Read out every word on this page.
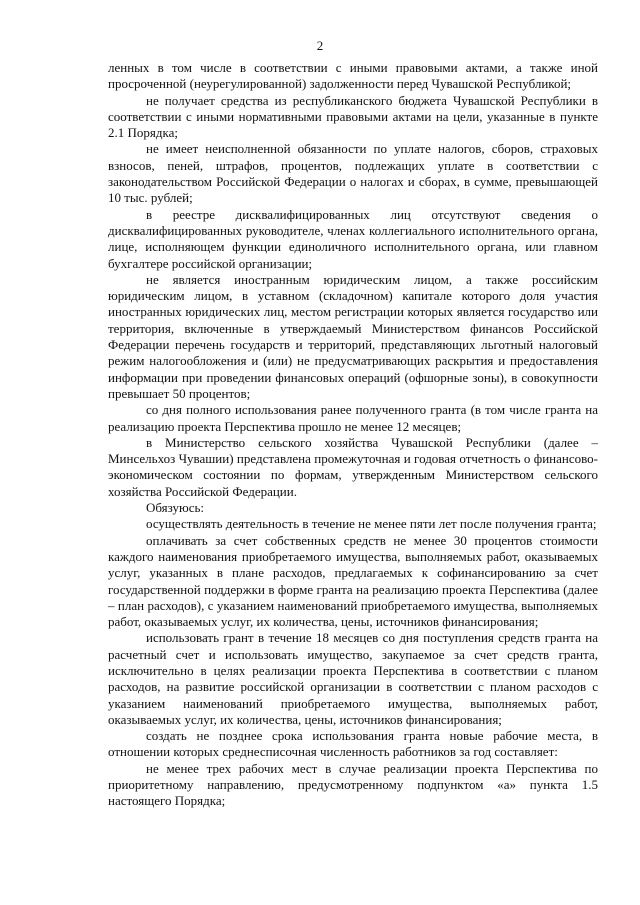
2

ленных в том числе в соответствии с иными правовыми актами, а также иной просроченной (неурегулированной) задолженности перед Чувашской Республикой;

не получает средства из республиканского бюджета Чувашской Республики в соответствии с иными нормативными правовыми актами на цели, указанные в пункте 2.1 Порядка;

не имеет неисполненной обязанности по уплате налогов, сборов, страховых взносов, пеней, штрафов, процентов, подлежащих уплате в соответствии с законодательством Российской Федерации о налогах и сборах, в сумме, превышающей 10 тыс. рублей;

в реестре дисквалифицированных лиц отсутствуют сведения о дисквалифицированных руководителе, членах коллегиального исполнительного органа, лице, исполняющем функции единоличного исполнительного органа, или главном бухгалтере российской организации;

не является иностранным юридическим лицом, а также российским юридическим лицом, в уставном (складочном) капитале которого доля участия иностранных юридических лиц, местом регистрации которых является государство или территория, включенные в утверждаемый Министерством финансов Российской Федерации перечень государств и территорий, представляющих льготный налоговый режим налогообложения и (или) не предусматривающих раскрытия и предоставления информации при проведении финансовых операций (офшорные зоны), в совокупности превышает 50 процентов;

со дня полного использования ранее полученного гранта (в том числе гранта на реализацию проекта Перспектива прошло не менее 12 месяцев;

в Министерство сельского хозяйства Чувашской Республики (далее – Минсельхоз Чувашии) представлена промежуточная и годовая отчетность о финансово-экономическом состоянии по формам, утвержденным Министерством сельского хозяйства Российской Федерации.

Обязуюсь:

осуществлять деятельность в течение не менее пяти лет после получения гранта;

оплачивать за счет собственных средств не менее 30 процентов стоимости каждого наименования приобретаемого имущества, выполняемых работ, оказываемых услуг, указанных в плане расходов, предлагаемых к софинансированию за счет государственной поддержки в форме гранта на реализацию проекта Перспектива (далее – план расходов), с указанием наименований приобретаемого имущества, выполняемых работ, оказываемых услуг, их количества, цены, источников финансирования;

использовать грант в течение 18 месяцев со дня поступления средств гранта на расчетный счет и использовать имущество, закупаемое за счет средств гранта, исключительно в целях реализации проекта Перспектива в соответствии с планом расходов, на развитие российской организации в соответствии с планом расходов с указанием наименований приобретаемого имущества, выполняемых работ, оказываемых услуг, их количества, цены, источников финансирования;

создать не позднее срока использования гранта новые рабочие места, в отношении которых среднесписочная численность работников за год составляет:

не менее трех рабочих мест в случае реализации проекта Перспектива по приоритетному направлению, предусмотренному подпунктом «а» пункта 1.5 настоящего Порядка;
